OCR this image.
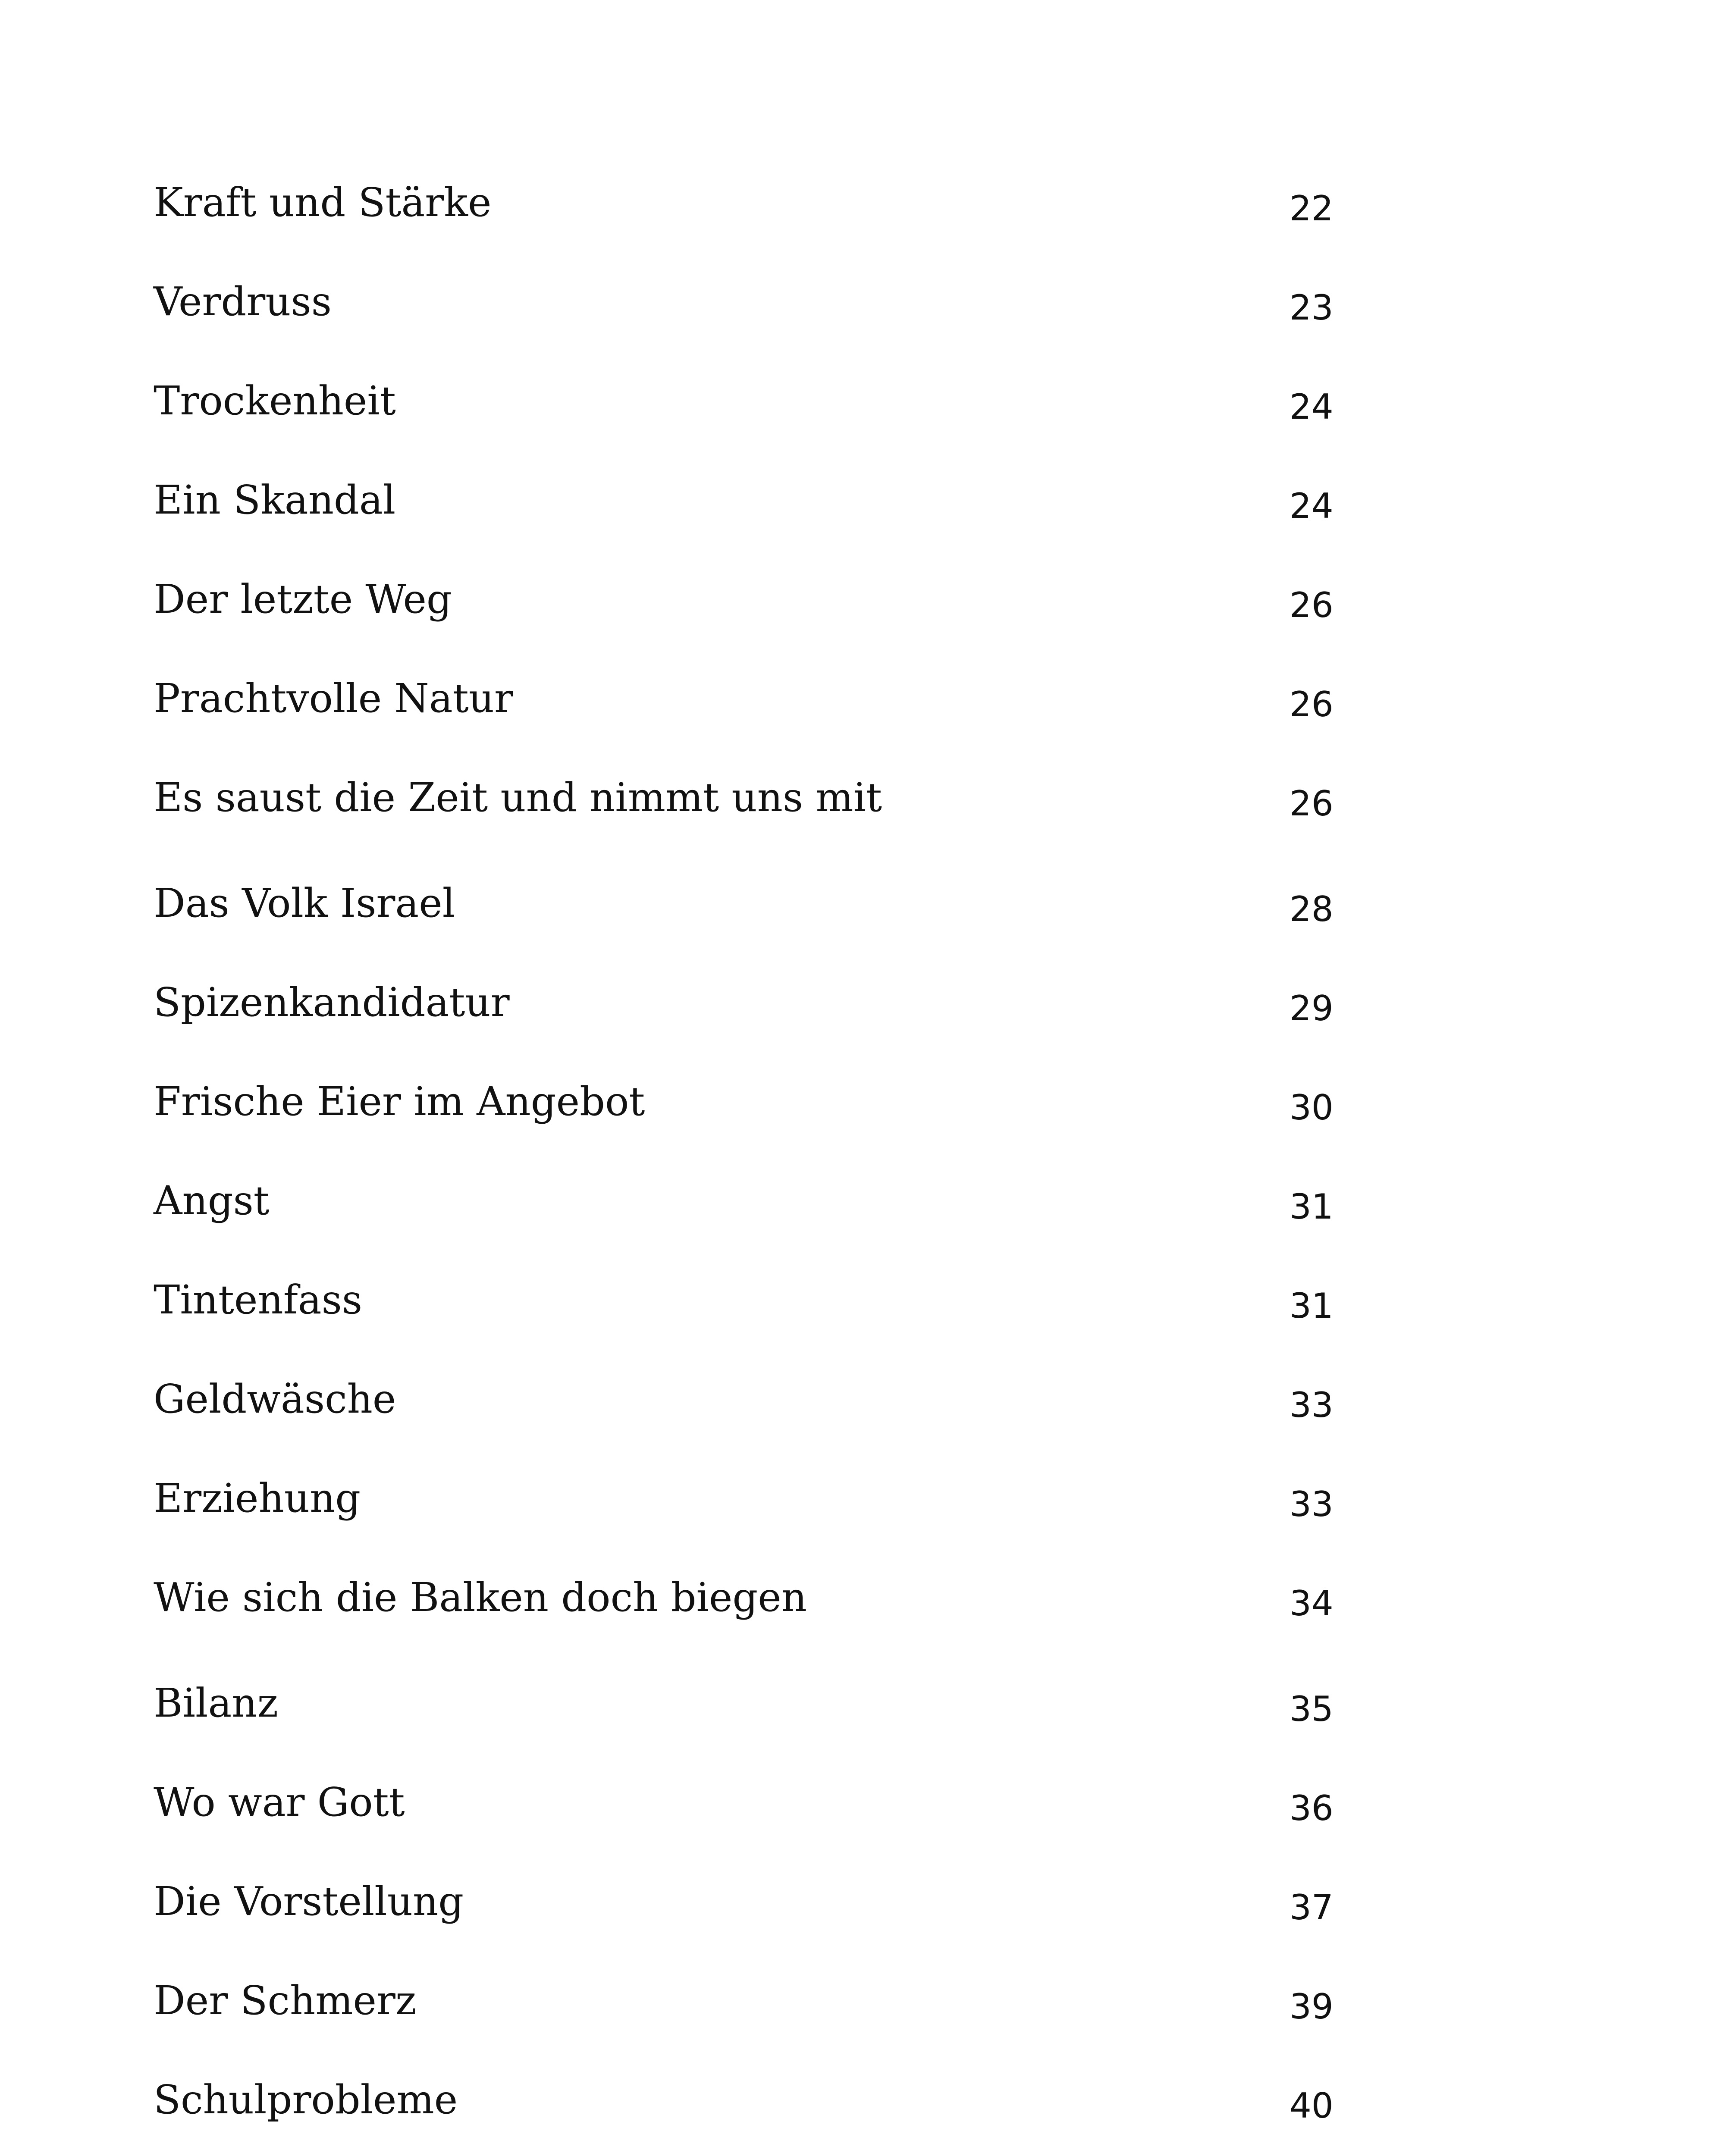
Kraft und Stärke	22
Verdruss	23
Trockenheit	24
Ein Skandal	24
Der letzte Weg	26
Prachtvolle Natur	26
Es saust die Zeit und nimmt uns mit	26
Das Volk Israel	28
Spizenkandidatur	29
Frische Eier im Angebot	30
Angst	31
Tintenfass	31
Geldwäsche	33
Erziehung	33
Wie sich die Balken doch biegen	34
Bilanz	35
Wo war Gott	36
Die Vorstellung	37
Der Schmerz	39
Schulprobleme	40
